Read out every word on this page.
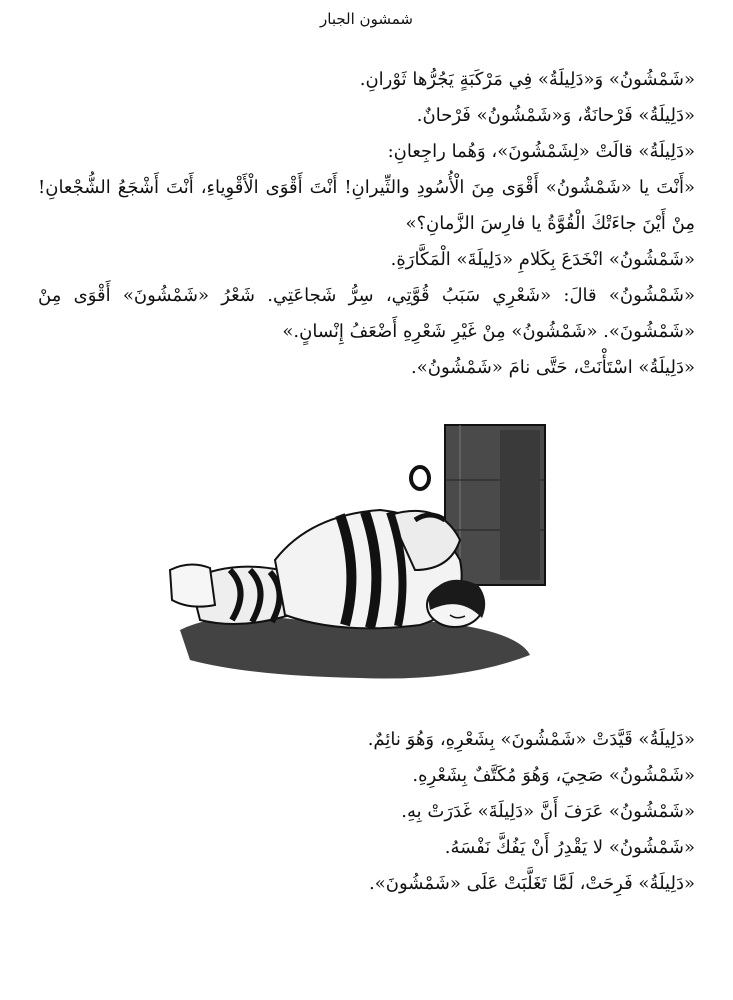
شمشون الجبار

«شَمْشُونُ» وَ«دَلِيلَةُ» فِي مَرْكَبَةٍ يَجُرُّها ثَوْرانِ.

«دَلِيلَةُ» فَرْحانَةٌ، وَ«شَمْشُونُ» فَرْحانٌ.

«دَلِيلَةُ» قالَتْ «لِشَمْشُونَ»، وَهُما راجِعانِ:

«أَنْتَ يا «شَمْشُونُ» أَقْوَى مِنَ الْأُسُودِ والثِّيرانِ! أَنْتَ أَقْوَى الْأَقْوِياءِ، أَنْتَ أَشْجَعُ الشُّجْعانِ! مِنْ أَيْنَ جاءَتْكَ الْقُوَّةُ يا فارِسَ الزَّمانِ؟»

«شَمْشُونُ» انْخَدَعَ بِكَلامِ «دَلِيلَةَ» الْمَكَّارَةِ.

«شَمْشُونُ» قالَ: «شَعْرِي سَبَبُ قُوَّتِي، سِرُّ شَجاعَتِي. شَعْرُ «شَمْشُونَ» أَقْوَى مِنْ «شَمْشُونَ». «شَمْشُونُ» مِنْ غَيْرِ شَعْرِهِ أَضْعَفُ إِنْسانٍ.»

«دَلِيلَةُ» اسْتَأْنَتْ، حَتَّى نامَ «شَمْشُونُ».

«دَلِيلَةُ» قَيَّدَتْ «شَمْشُونَ» بِشَعْرِهِ، وَهُوَ نائِمٌ.

«شَمْشُونُ» صَحِيَ، وَهُوَ مُكَتَّفٌ بِشَعْرِهِ.

«شَمْشُونُ» عَرَفَ أَنَّ «دَلِيلَةَ» غَدَرَتْ بِهِ.

«شَمْشُونُ» لا يَقْدِرُ أَنْ يَفُكَّ نَفْسَهُ.

«دَلِيلَةُ» فَرِحَتْ، لَمَّا تَغَلَّبَتْ عَلَى «شَمْشُونَ».
